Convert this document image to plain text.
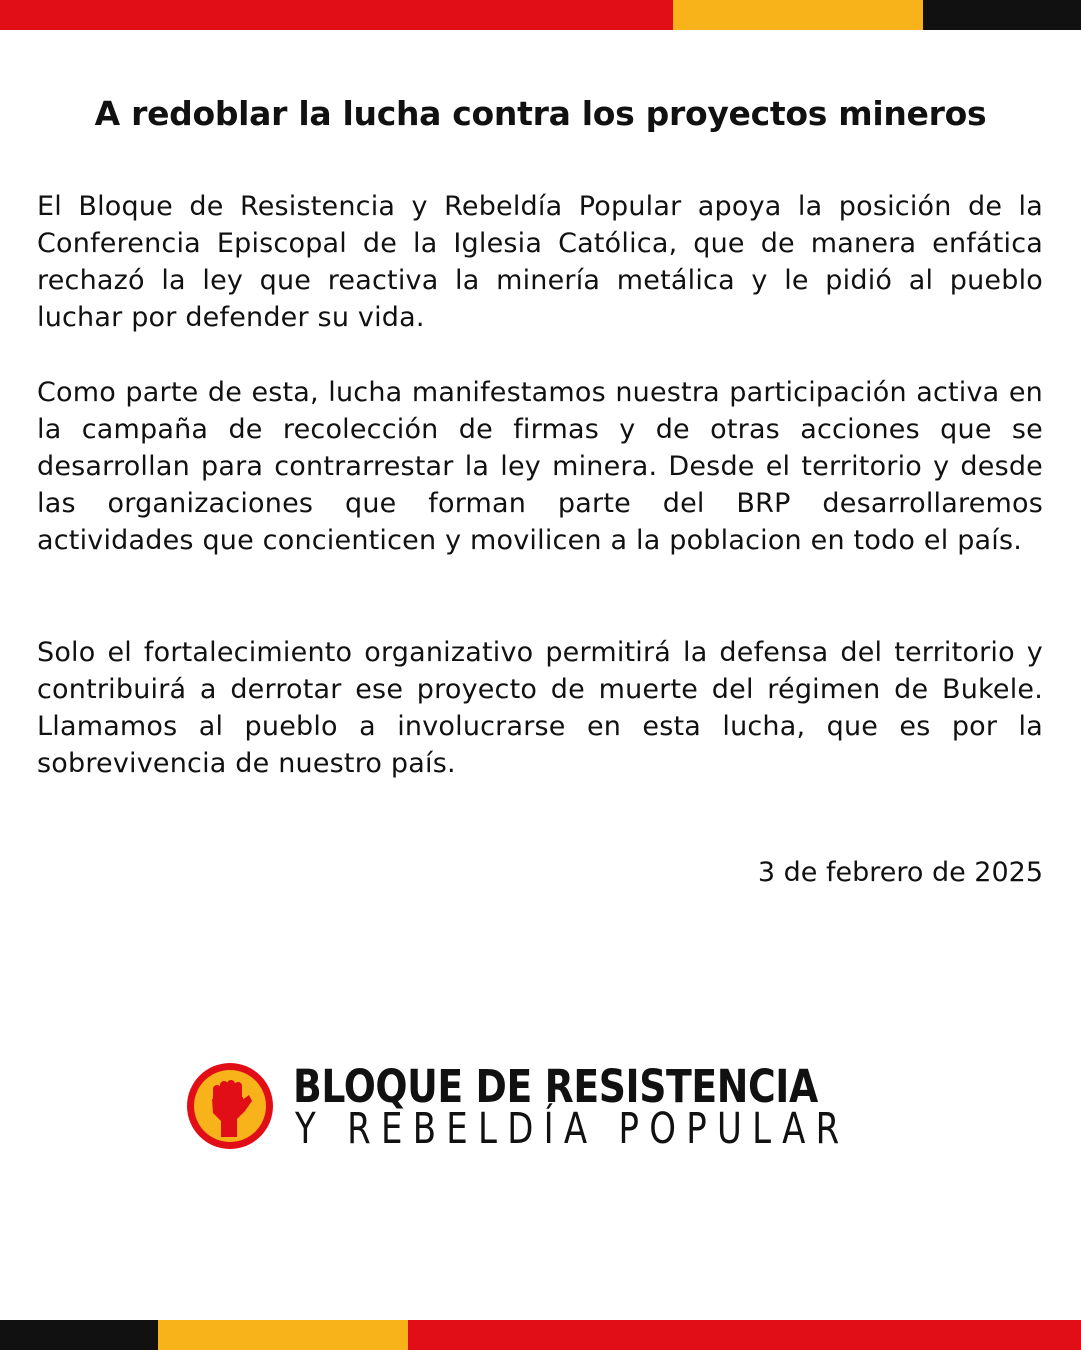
A redoblar la lucha contra los proyectos mineros

El Bloque de Resistencia y Rebeldía Popular apoya la posición de la Conferencia Episcopal de la Iglesia Católica, que de manera enfática rechazó la ley que reactiva la minería metálica y le pidió al pueblo luchar por defender su vida.

Como parte de esta, lucha manifestamos nuestra participación activa en la campaña de recolección de firmas y de otras acciones que se desarrollan para contrarrestar la ley minera. Desde el territorio y desde las organizaciones que forman parte del BRP desarrollaremos actividades que concienticen y movilicen a la poblacion en todo el país.

Solo el fortalecimiento organizativo permitirá la defensa del territorio y contribuirá a derrotar ese proyecto de muerte del régimen de Bukele. Llamamos al pueblo a involucrarse en esta lucha, que es por la sobrevivencia de nuestro país.

3 de febrero de 2025

BLOQUE DE RESISTENCIA
Y REBELDÍA POPULAR
